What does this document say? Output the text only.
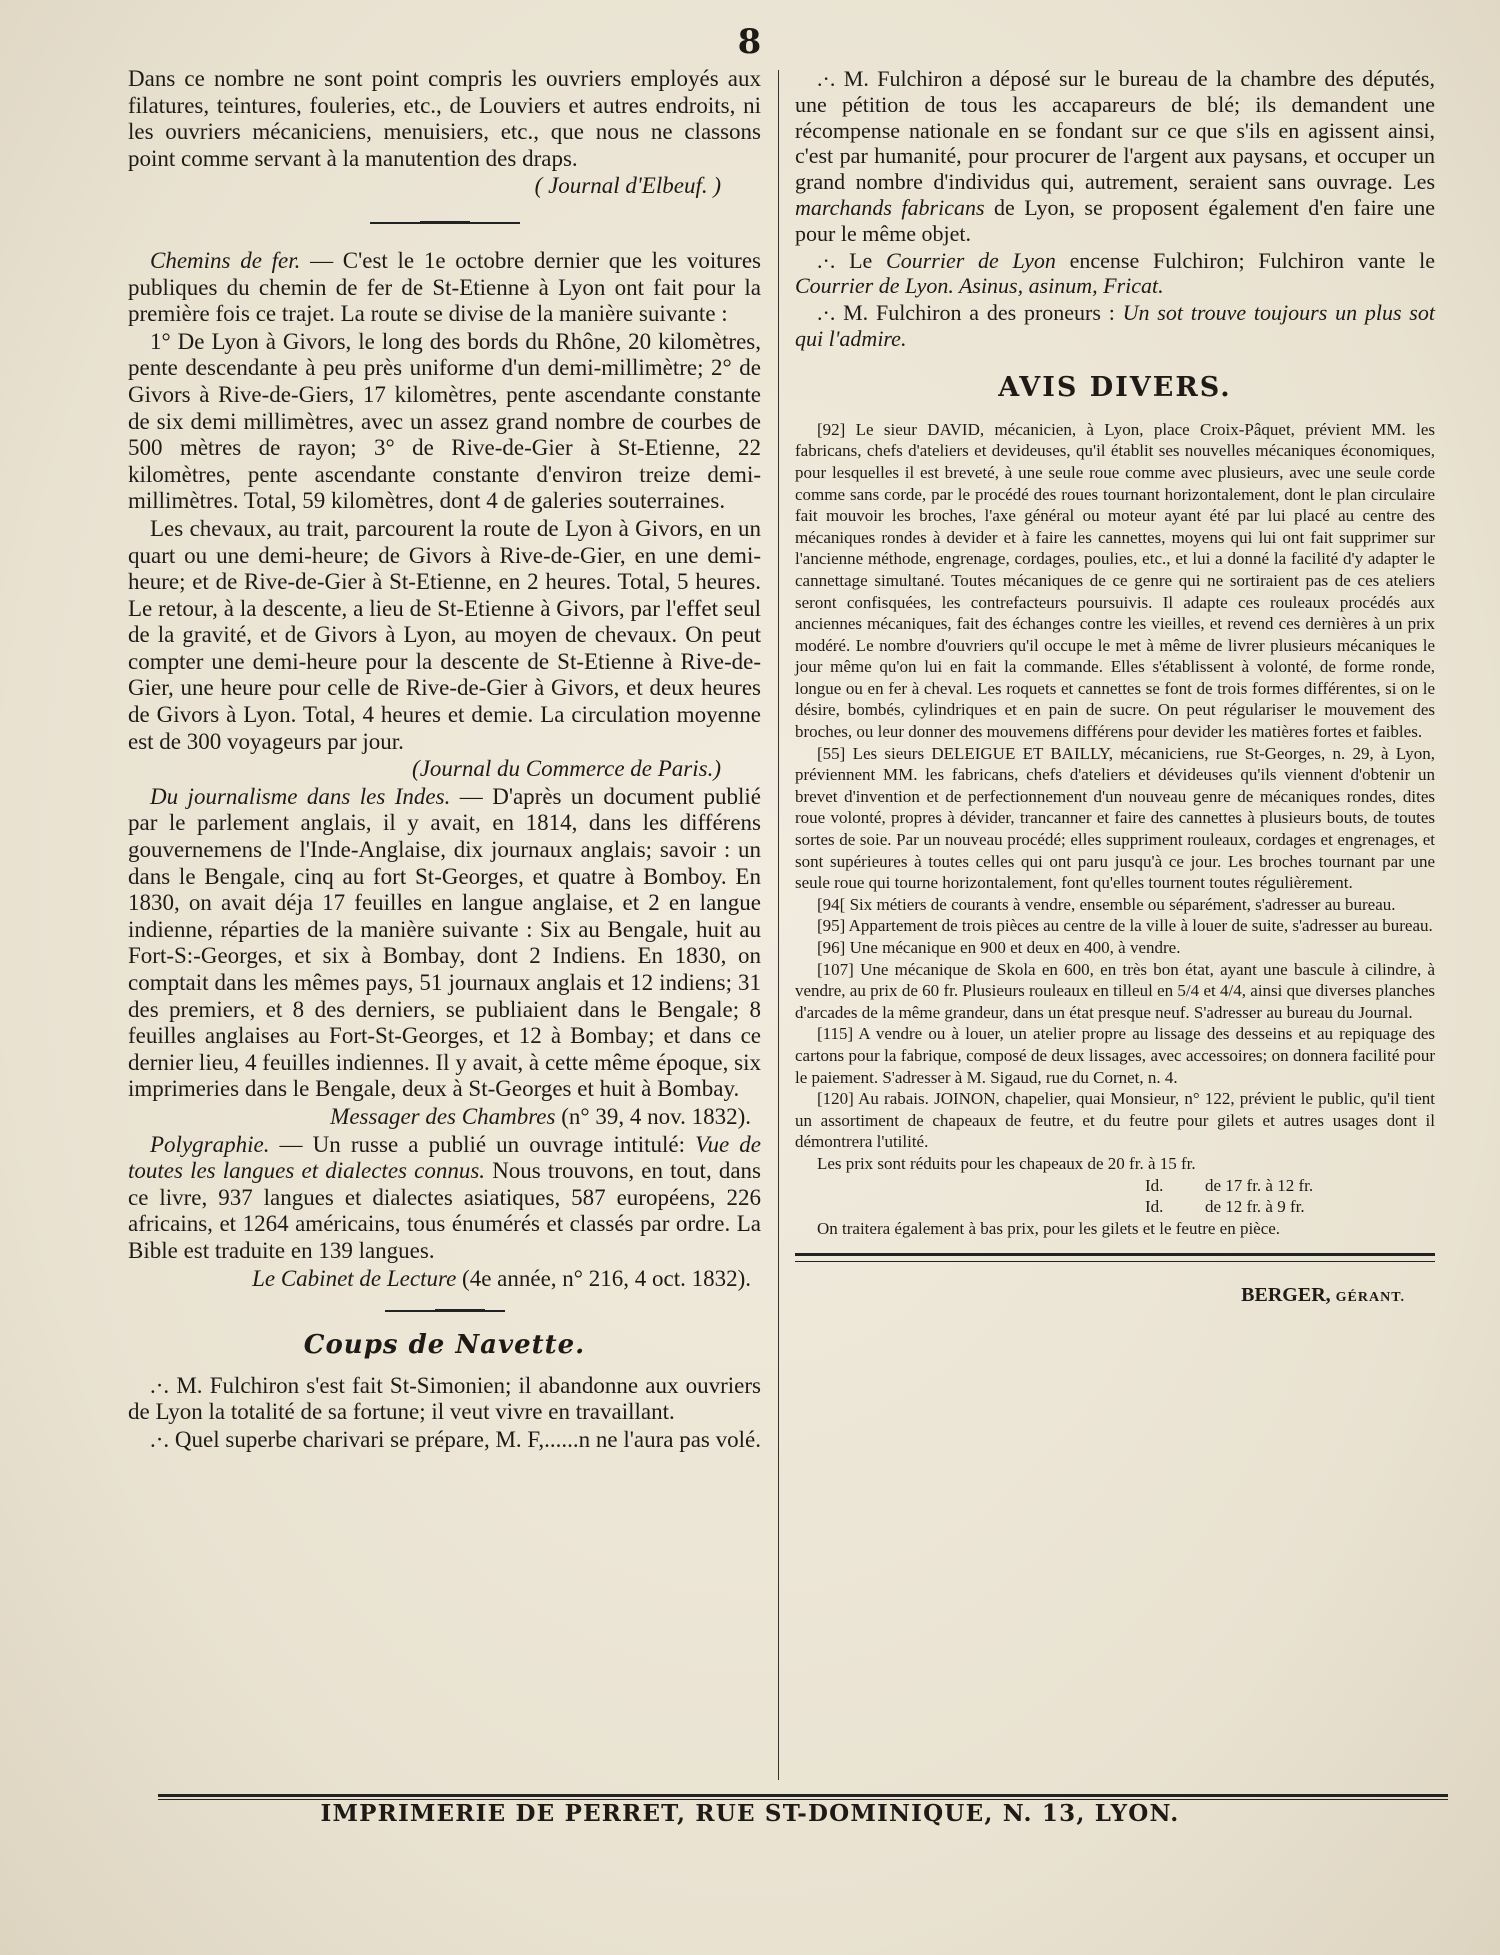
8

Dans ce nombre ne sont point compris les ouvriers employés aux filatures, teintures, fouleries, etc., de Louviers et autres endroits, ni les ouvriers mécaniciens, menuisiers, etc., que nous ne classons point comme servant à la manutention des draps.

( Journal d'Elbeuf. )

Chemins de fer. — C'est le 1e octobre dernier que les voitures publiques du chemin de fer de St-Etienne à Lyon ont fait pour la première fois ce trajet. La route se divise de la manière suivante :

1° De Lyon à Givors, le long des bords du Rhône, 20 kilomètres, pente descendante à peu près uniforme d'un demi-millimètre; 2° de Givors à Rive-de-Giers, 17 kilomètres, pente ascendante constante de six demi millimètres, avec un assez grand nombre de courbes de 500 mètres de rayon; 3° de Rive-de-Gier à St-Etienne, 22 kilomètres, pente ascendante constante d'environ treize demi-millimètres. Total, 59 kilomètres, dont 4 de galeries souterraines.

Les chevaux, au trait, parcourent la route de Lyon à Givors, en un quart ou une demi-heure; de Givors à Rive-de-Gier, en une demi-heure; et de Rive-de-Gier à St-Etienne, en 2 heures. Total, 5 heures. Le retour, à la descente, a lieu de St-Etienne à Givors, par l'effet seul de la gravité, et de Givors à Lyon, au moyen de chevaux. On peut compter une demi-heure pour la descente de St-Etienne à Rive-de-Gier, une heure pour celle de Rive-de-Gier à Givors, et deux heures de Givors à Lyon. Total, 4 heures et demie. La circulation moyenne est de 300 voyageurs par jour.

(Journal du Commerce de Paris.)

Du journalisme dans les Indes. — D'après un document publié par le parlement anglais, il y avait, en 1814, dans les différens gouvernemens de l'Inde-Anglaise, dix journaux anglais; savoir : un dans le Bengale, cinq au fort St-Georges, et quatre à Bomboy. En 1830, on avait déja 17 feuilles en langue anglaise, et 2 en langue indienne, réparties de la manière suivante : Six au Bengale, huit au Fort-S:-Georges, et six à Bombay, dont 2 Indiens. En 1830, on comptait dans les mêmes pays, 51 journaux anglais et 12 indiens; 31 des premiers, et 8 des derniers, se publiaient dans le Bengale; 8 feuilles anglaises au Fort-St-Georges, et 12 à Bombay; et dans ce dernier lieu, 4 feuilles indiennes. Il y avait, à cette même époque, six imprimeries dans le Bengale, deux à St-Georges et huit à Bombay.

Messager des Chambres (n° 39, 4 nov. 1832).

Polygraphie. — Un russe a publié un ouvrage intitulé: Vue de toutes les langues et dialectes connus. Nous trouvons, en tout, dans ce livre, 937 langues et dialectes asiatiques, 587 européens, 226 africains, et 1264 américains, tous énumérés et classés par ordre. La Bible est traduite en 139 langues.

Le Cabinet de Lecture (4e année, n° 216, 4 oct. 1832).

Coups de Navette.

.·. M. Fulchiron s'est fait St-Simonien; il abandonne aux ouvriers de Lyon la totalité de sa fortune; il veut vivre en travaillant.

.·. Quel superbe charivari se prépare, M. F,......n ne l'aura pas volé.

.·. M. Fulchiron a déposé sur le bureau de la chambre des députés, une pétition de tous les accapareurs de blé; ils demandent une récompense nationale en se fondant sur ce que s'ils en agissent ainsi, c'est par humanité, pour procurer de l'argent aux paysans, et occuper un grand nombre d'individus qui, autrement, seraient sans ouvrage. Les marchands fabricans de Lyon, se proposent également d'en faire une pour le même objet.

.·. Le Courrier de Lyon encense Fulchiron; Fulchiron vante le Courrier de Lyon. Asinus, asinum, Fricat.

.·. M. Fulchiron a des proneurs : Un sot trouve toujours un plus sot qui l'admire.

AVIS DIVERS.

[92] Le sieur DAVID, mécanicien, à Lyon, place Croix-Pâquet, prévient MM. les fabricans, chefs d'ateliers et devideuses, qu'il établit ses nouvelles mécaniques économiques, pour lesquelles il est breveté, à une seule roue comme avec plusieurs, avec une seule corde comme sans corde, par le procédé des roues tournant horizontalement, dont le plan circulaire fait mouvoir les broches, l'axe général ou moteur ayant été par lui placé au centre des mécaniques rondes à devider et à faire les cannettes, moyens qui lui ont fait supprimer sur l'ancienne méthode, engrenage, cordages, poulies, etc., et lui a donné la facilité d'y adapter le cannettage simultané. Toutes mécaniques de ce genre qui ne sortiraient pas de ces ateliers seront confisquées, les contrefacteurs poursuivis. Il adapte ces rouleaux procédés aux anciennes mécaniques, fait des échanges contre les vieilles, et revend ces dernières à un prix modéré. Le nombre d'ouvriers qu'il occupe le met à même de livrer plusieurs mécaniques le jour même qu'on lui en fait la commande. Elles s'établissent à volonté, de forme ronde, longue ou en fer à cheval. Les roquets et cannettes se font de trois formes différentes, si on le désire, bombés, cylindriques et en pain de sucre. On peut régulariser le mouvement des broches, ou leur donner des mouvemens différens pour devider les matières fortes et faibles.

[55] Les sieurs DELEIGUE ET BAILLY, mécaniciens, rue St-Georges, n. 29, à Lyon, préviennent MM. les fabricans, chefs d'ateliers et dévideuses qu'ils viennent d'obtenir un brevet d'invention et de perfectionnement d'un nouveau genre de mécaniques rondes, dites roue volonté, propres à dévider, trancanner et faire des cannettes à plusieurs bouts, de toutes sortes de soie. Par un nouveau procédé; elles suppriment rouleaux, cordages et engrenages, et sont supérieures à toutes celles qui ont paru jusqu'à ce jour. Les broches tournant par une seule roue qui tourne horizontalement, font qu'elles tournent toutes régulièrement.

[94[ Six métiers de courants à vendre, ensemble ou séparément, s'adresser au bureau.

[95] Appartement de trois pièces au centre de la ville à louer de suite, s'adresser au bureau.

[96] Une mécanique en 900 et deux en 400, à vendre.

[107] Une mécanique de Skola en 600, en très bon état, ayant une bascule à cilindre, à vendre, au prix de 60 fr. Plusieurs rouleaux en tilleul en 5/4 et 4/4, ainsi que diverses planches d'arcades de la même grandeur, dans un état presque neuf. S'adresser au bureau du Journal.

[115] A vendre ou à louer, un atelier propre au lissage des desseins et au repiquage des cartons pour la fabrique, composé de deux lissages, avec accessoires; on donnera facilité pour le paiement. S'adresser à M. Sigaud, rue du Cornet, n. 4.

[120] Au rabais. JOINON, chapelier, quai Monsieur, n° 122, prévient le public, qu'il tient un assortiment de chapeaux de feutre, et du feutre pour gilets et autres usages dont il démontrera l'utilité.

Les prix sont réduits pour les chapeaux de 20 fr. à 15 fr.

Id.	de 17 fr. à 12 fr.
Id.	de 12 fr. à 9 fr.

On traitera également à bas prix, pour les gilets et le feutre en pièce.

BERGER, GÉRANT.
IMPRIMERIE DE PERRET, RUE ST-DOMINIQUE, N. 13, LYON.
